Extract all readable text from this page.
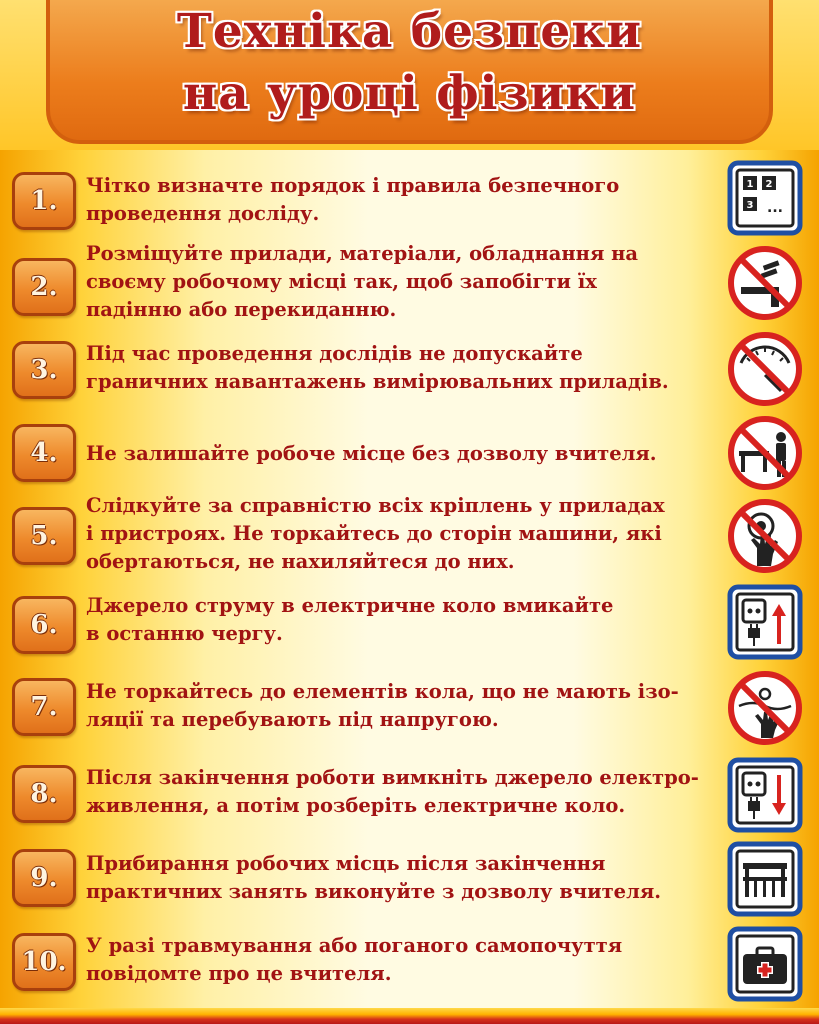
Техніка безпеки
на уроці фізики
1.
Чітко визначте порядок і правила безпечного
проведення досліду.
1 2
3 ...
2.
Розміщуйте прилади, матеріали, обладнання на
своєму робочому місці так, щоб запобігти їх
падінню або перекиданню.
3.
Під час проведення дослідів не допускайте
граничних навантажень вимірювальних приладів.
4.	Не залишайте робоче місце без дозволу вчителя.
5.
Слідкуйте за справністю всіх кріплень у приладах
і пристроях. Не торкайтесь до сторін машини, які
обертаються, не нахиляйтеся до них.
6.
Джерело струму в електричне коло вмикайте
в останню чергу.
7.
Не торкайтесь до елементів кола, що не мають ізо-
ляції та перебувають під напругою.
8.
Після закінчення роботи вимкніть джерело електро-
живлення, а потім розберіть електричне коло.
9.	Прибирання робочих місць після закінчення
практичних занять виконуйте з дозволу вчителя.
10.
У разі травмування або поганого самопочуття
повідомте про це вчителя.
